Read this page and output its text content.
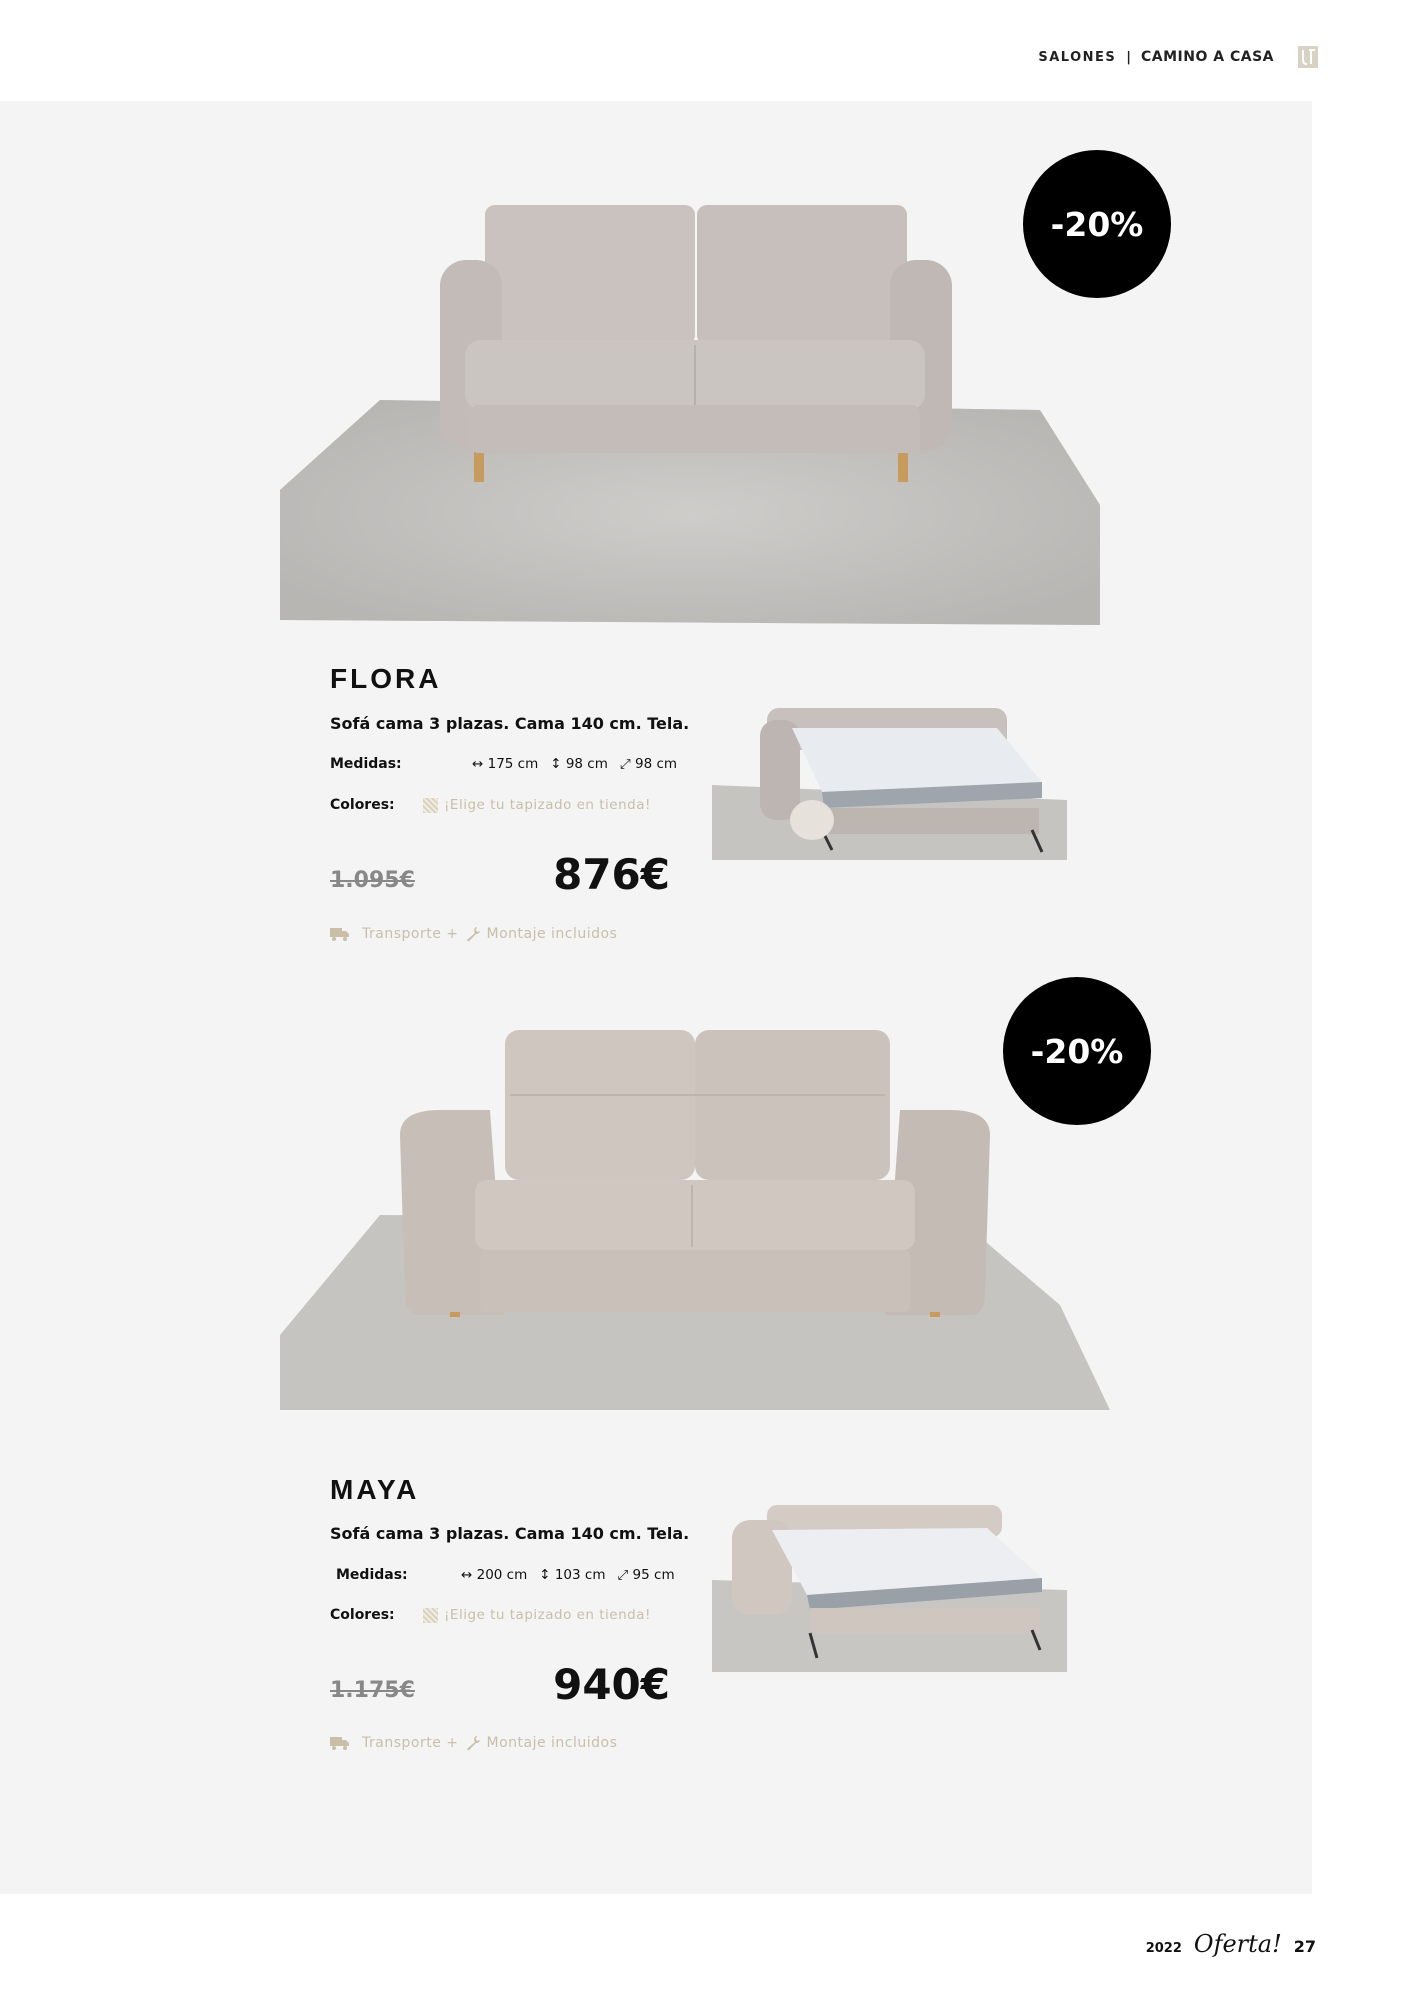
SALONES | CAMINO A CASA
-20%
FLORA
Sofá cama 3 plazas. Cama 140 cm. Tela.
Medidas:	↔ 175 cm ↕ 98 cm ⤢ 98 cm
Colores:	¡Elige tu tapizado en tienda!
1.095€	876€
Transporte + Montaje incluidos
-20%
MAYA
Sofá cama 3 plazas. Cama 140 cm. Tela.
Medidas:	↔ 200 cm ↕ 103 cm ⤢ 95 cm
Colores:	¡Elige tu tapizado en tienda!
1.175€	940€
Transporte + Montaje incluidos
2022 Oferta! 27
